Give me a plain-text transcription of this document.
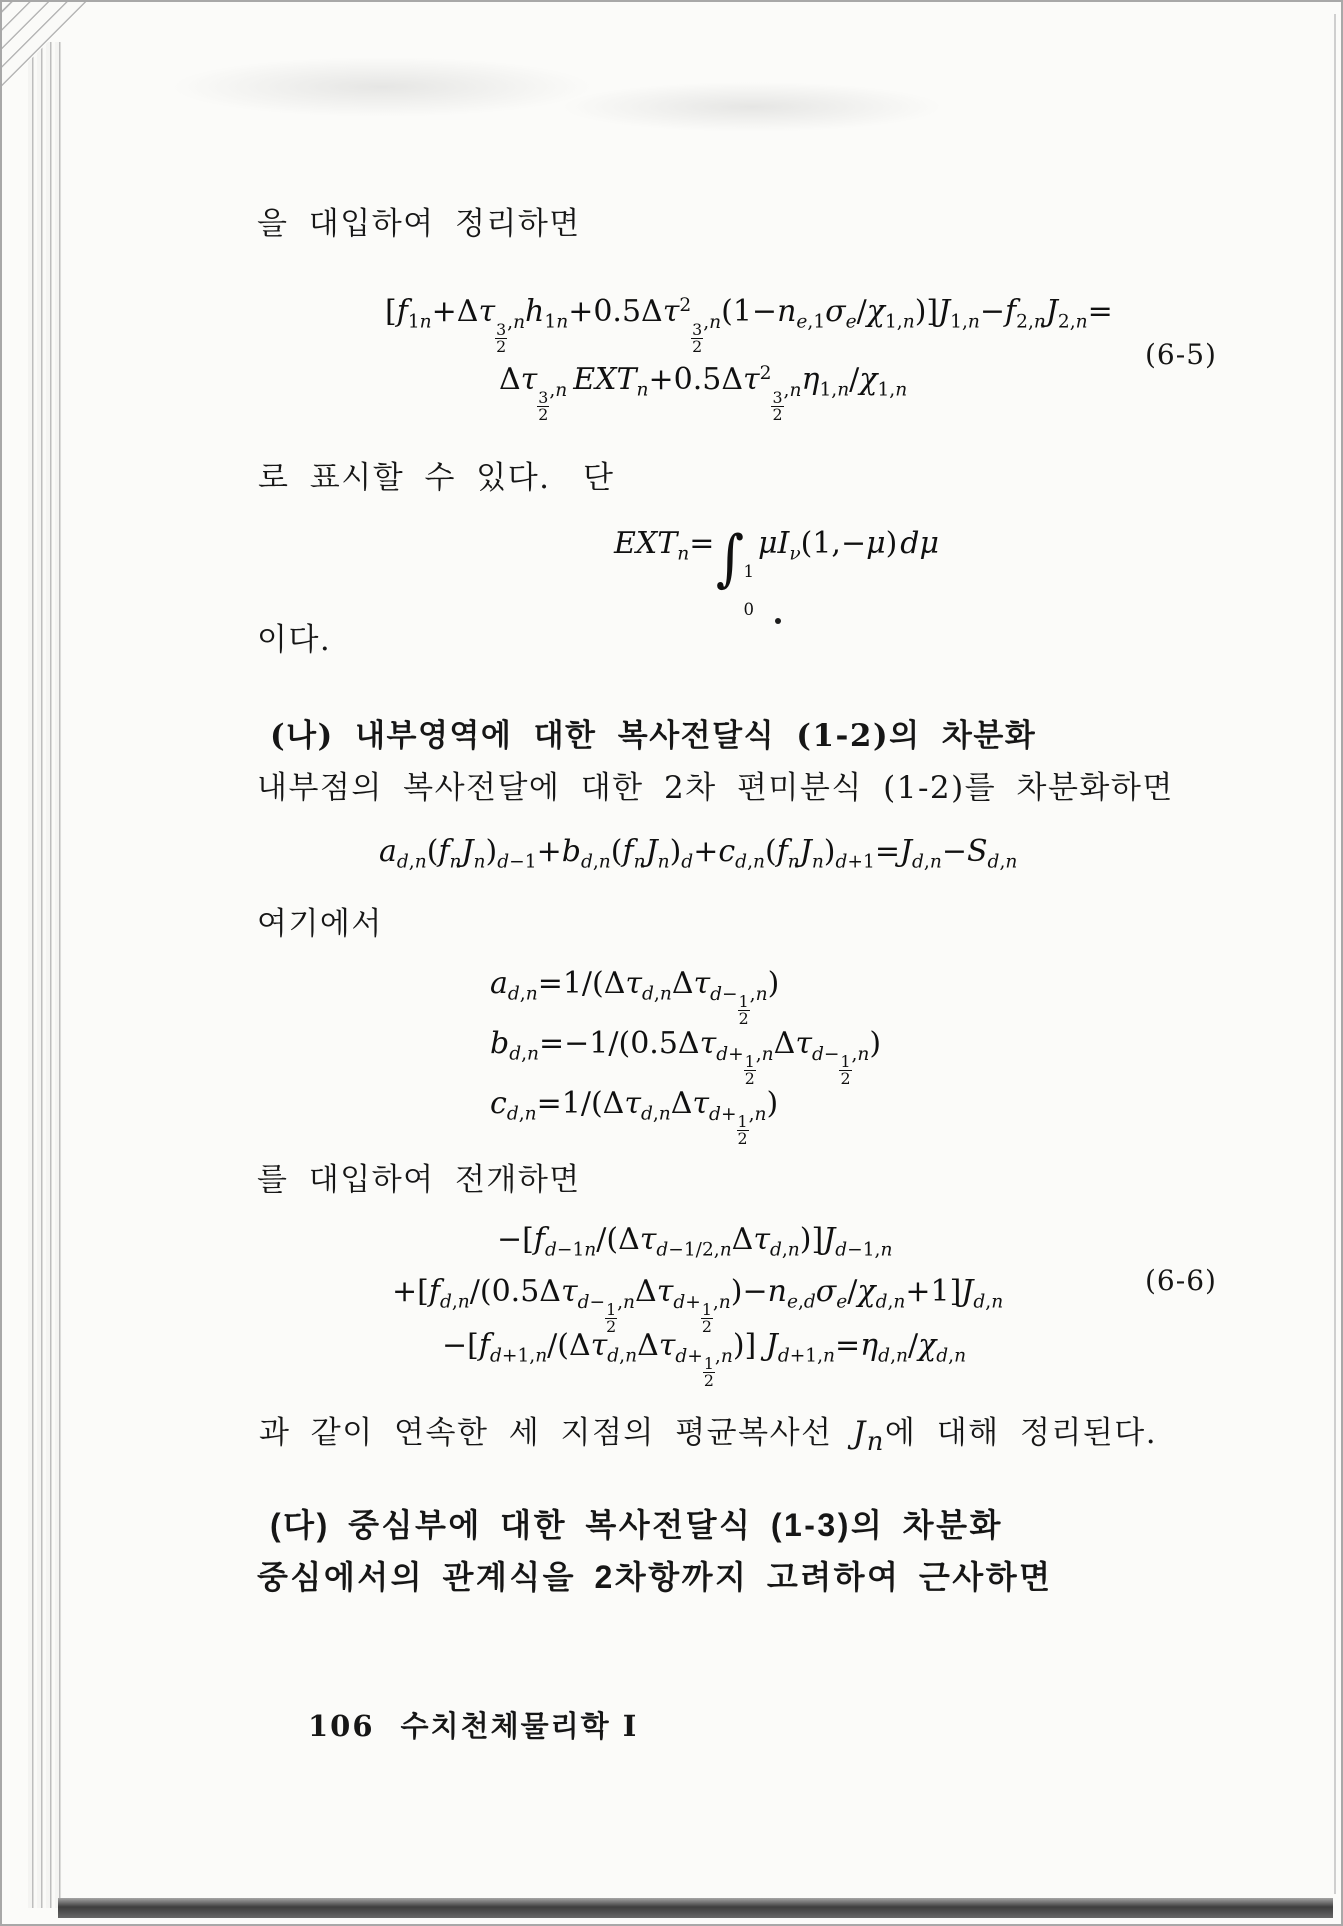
을 대입하여 정리하면
[$f_{1n}+\Delta\tau$
$_{\frac{3}{2} ,n}h_{1n}+0.5\Delta\tau^2$
$_{\frac{3}{2} ,n}(1-n_{e,1}\sigma_e/\chi_{1,n})]J_{1,n}-f_{2,n}J_{2,n}=$
Δτ
$_{\frac{3}{2} ,n}$  $EXT_n+0.5\Delta\tau^2$
$_{\frac{3}{2} ,n}\eta_{1,n}/\chi_{1,n}$
(6-5)
로 표시할 수 있다.　단
$EXT_n=\int$
1
0
$\mu I_\nu(1,-\mu)$ dμ
이다.
(나) 내부영역에 대한 복사전달식 (1-2)의 차분화
내부점의 복사전달에 대한 2차 편미분식 (1-2)를 차분화하면
$a_{d,n}(f_nJ_n)_{d-1}+b_{d,n}(f_nJ_n)_d+c_{d,n}(f_nJ_n)_{d+1}=J_{d,n}-S_{d,n}$
여기에서
$a_{d,n}=1/(\Delta\tau_{d,n}\Delta\tau_{d- \frac{1}{2} ,n})$
$b_{d,n}=-1/(0.5\Delta\tau_{d+ \frac{1}{2} ,n}\Delta\tau_{d- \frac{1}{2} ,n})$
$c_{d,n}=1/(\Delta\tau_{d,n}\Delta\tau_{d+ \frac{1}{2} ,n})$
를 대입하여 전개하면
$-[f_{d-1n}/(\Delta\tau_{d-1/2,n}\Delta\tau_{d,n})]J_{d-1,n}$
$+[f_{d,n}/(0.5\Delta\tau_{d- \frac{1}{2} ,n}\Delta\tau_{d+ \frac{1}{2} ,n})-n_{e,d}\sigma_e/\chi_{d,n}+1]J_{d,n}$
$-[f_{d+1,n}/(\Delta\tau_{d,n}\Delta\tau_{d+ \frac{1}{2} ,n})]$ $J_{d+1,n}=\eta_{d,n}/\chi_{d,n}$
(6-6)
과 같이 연속한 세 지점의 평균복사선 $J_n$에 대해 정리된다.
(다) 중심부에 대한 복사전달식 (1-3)의 차분화
중심에서의 관계식을 2차항까지 고려하여 근사하면
106 수치천체물리학 Ⅰ
